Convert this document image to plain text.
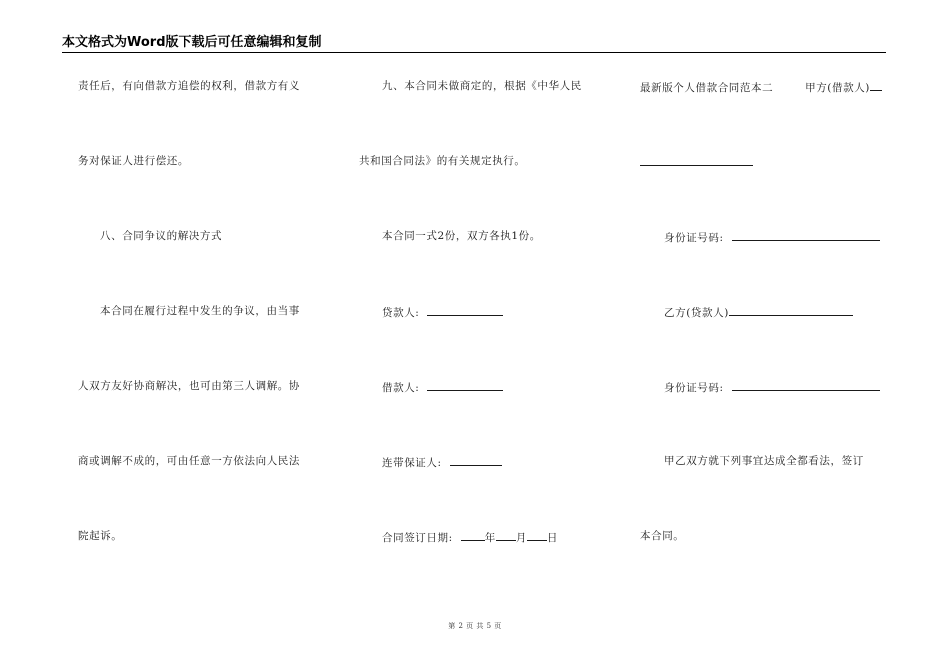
本文格式为Word版下载后可任意编辑和复制
责任后，有向借款方追偿的权利，借款方有义
务对保证人进行偿还。
八、合同争议的解决方式
本合同在履行过程中发生的争议，由当事
人双方友好协商解决，也可由第三人调解。协
商或调解不成的，可由任意一方依法向人民法
院起诉。
九、本合同未做商定的，根据《中华人民
共和国合同法》的有关规定执行。
本合同一式2份，双方各执1份。
贷款人:
借款人:
连带保证人:
合同签订日期:	年 月 日
最新版个人借款合同范本二	甲方(借款人)
身份证号码:
乙方(贷款人)
身份证号码:
甲乙双方就下列事宜达成全都看法，签订
本合同。
第 2 页 共 5 页
